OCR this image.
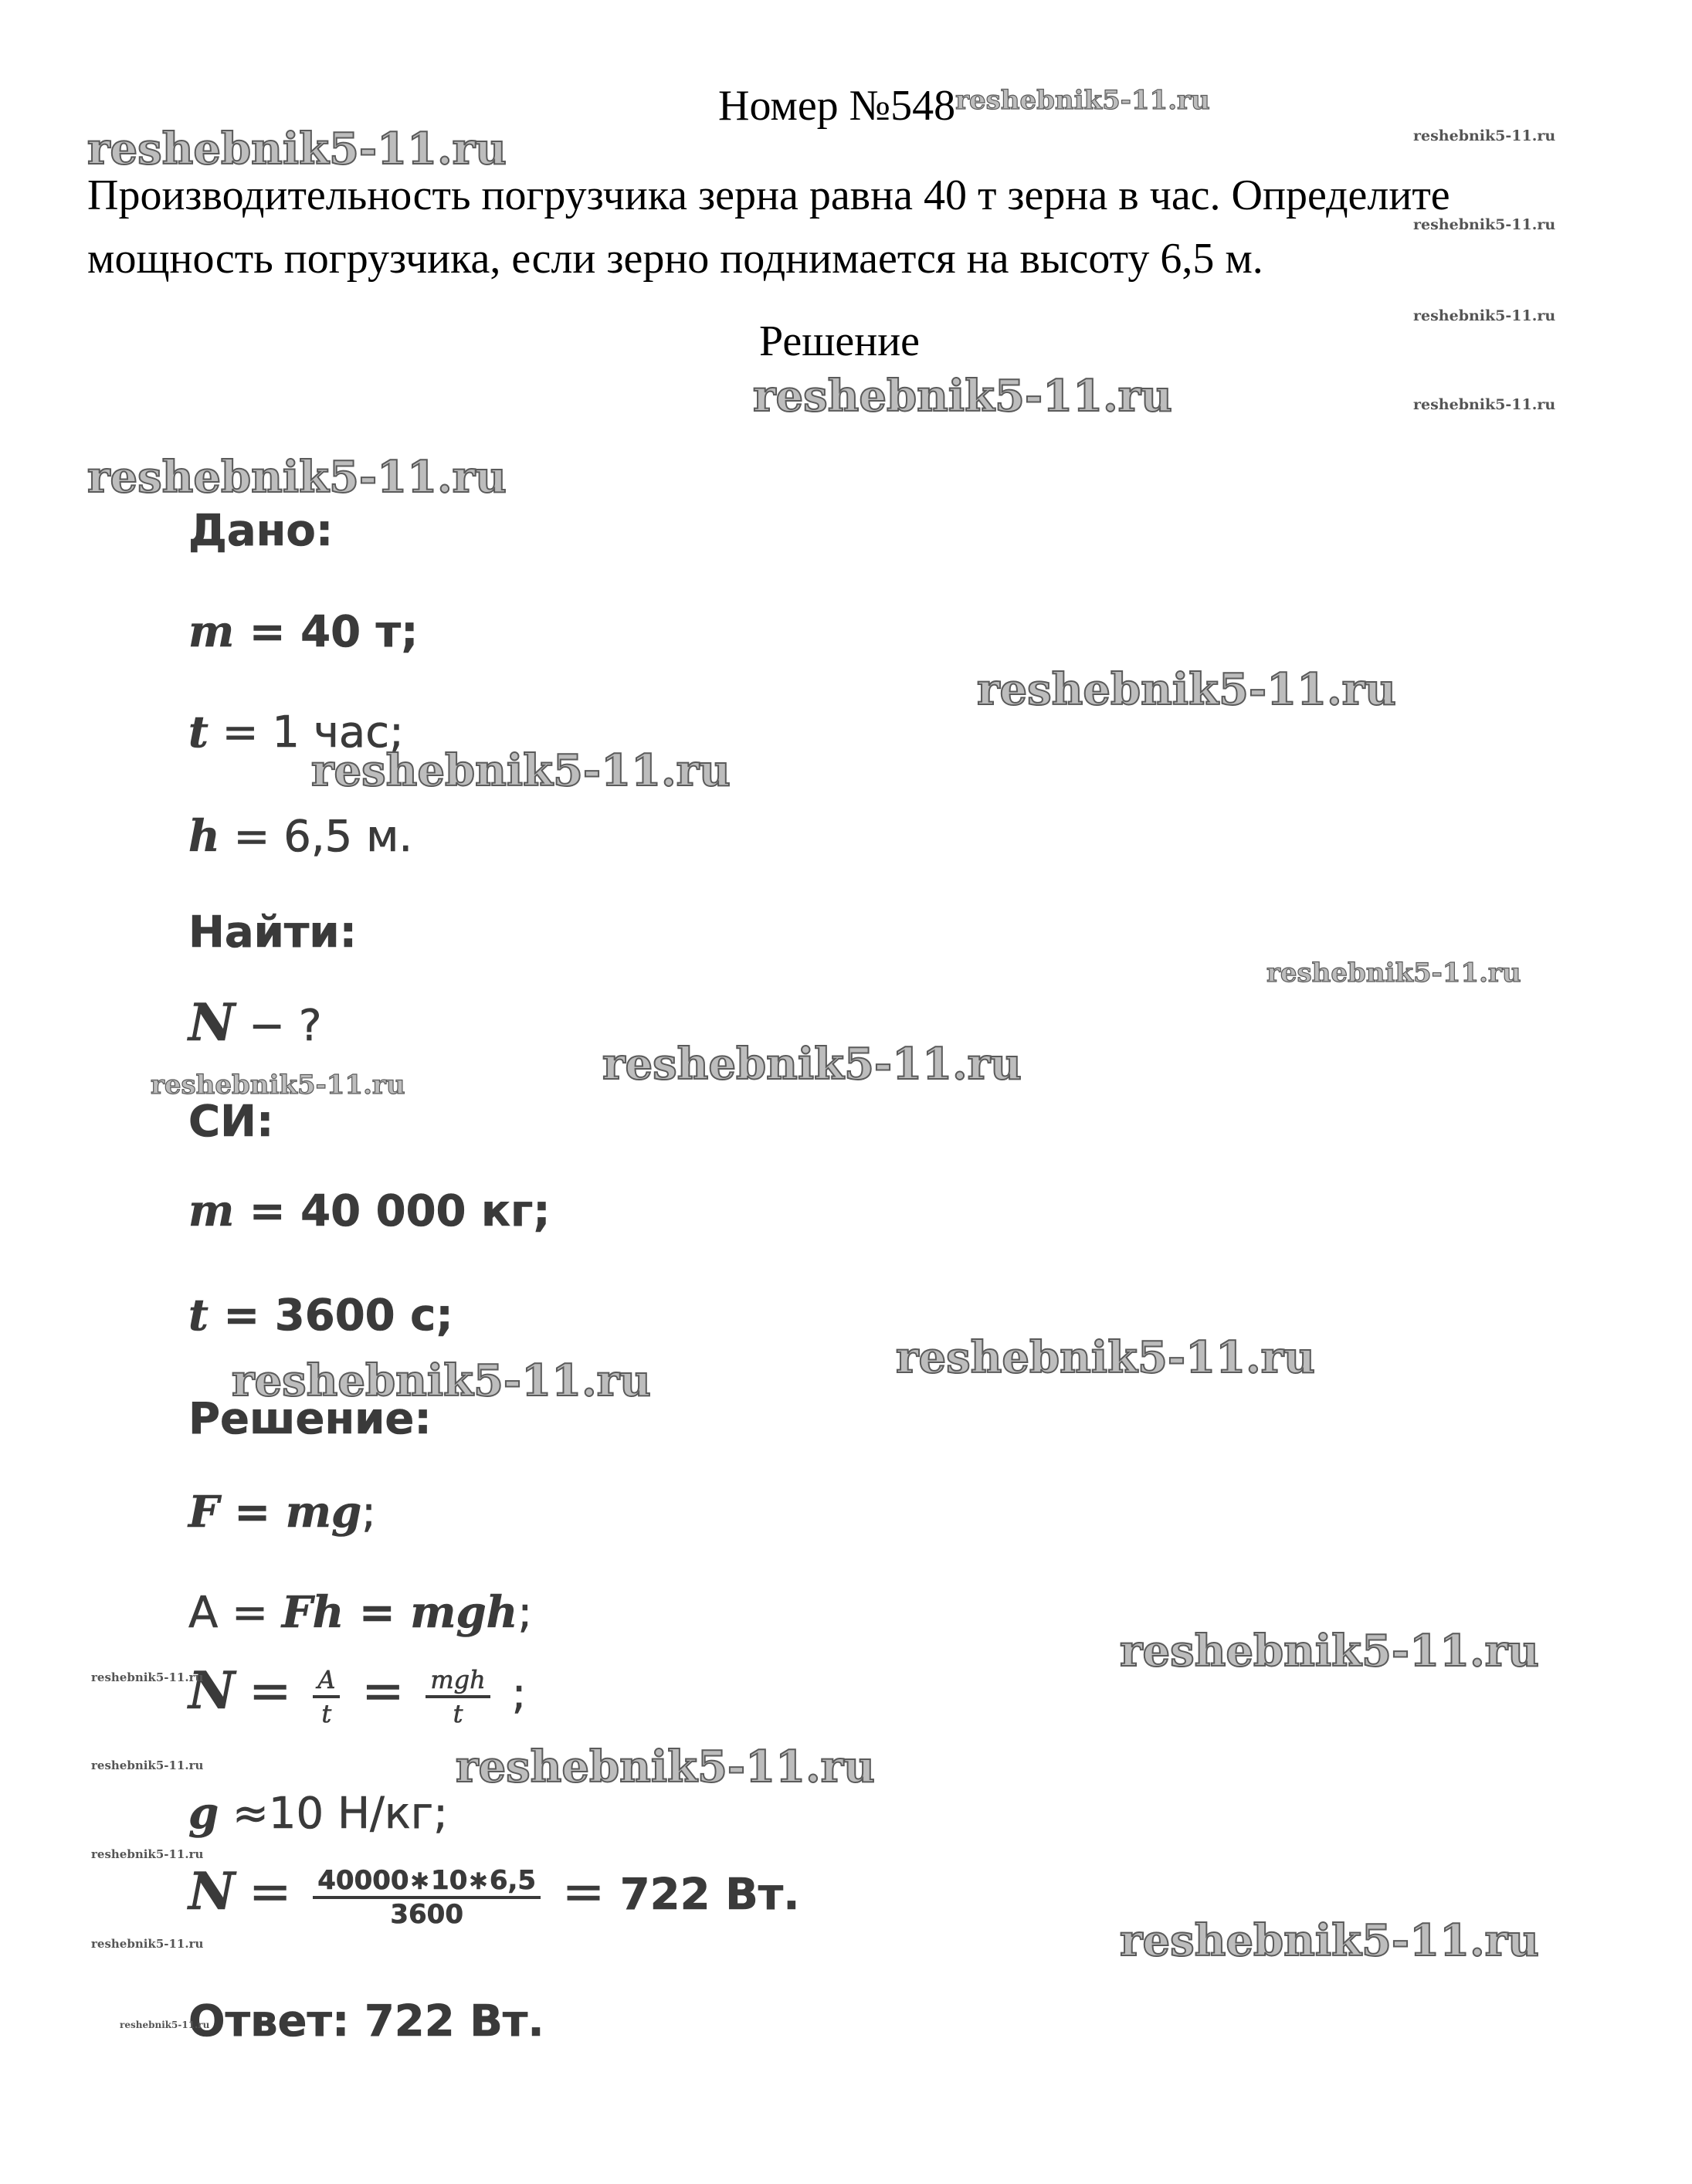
Номер $№548^{reshebnik5-11.ru}$
Производительность погрузчика зерна равна 40 т зерна в час. Определите мощность погрузчика, если зерно поднимается на высоту 6,5 м.
Решение
Дано:
m = 40 т;
t = 1 час;
h = 6,5 м.
Найти:
N − ?
СИ:
m = 40 000 кг;
t = 3600 с;
Решение:
F = mg;
А = Fh = mgh;
$N = \frac{A}{t} = \frac{\text{mgh}}{t}$ ;
g ≈10 Н/кг;
$N = \frac{40000∗10∗6,5}{3600} = 722$ Вт.
Ответ: 722 Вт.
reshebnik5-11.ru	reshebnik5-11.ru
reshebnik5-11.ru
reshebnik5-11.ru
reshebnik5-11.ru
reshebnik5-11.ru
reshebnik5-11.ru
reshebnik5-11.ru
reshebnik5-11.ru
reshebnik5-11.ru
reshebnik5-11.ru
reshebnik5-11.ru
reshebnik5-11.ru
reshebnik5-11.ru
reshebnik5-11.ru
reshebnik5-11.ru
reshebnik5-11.ru
reshebnik5-11.ru
reshebnik5-11.ru
reshebnik5-11.ru	reshebnik5-11.ru
reshebnik5-11.ru
